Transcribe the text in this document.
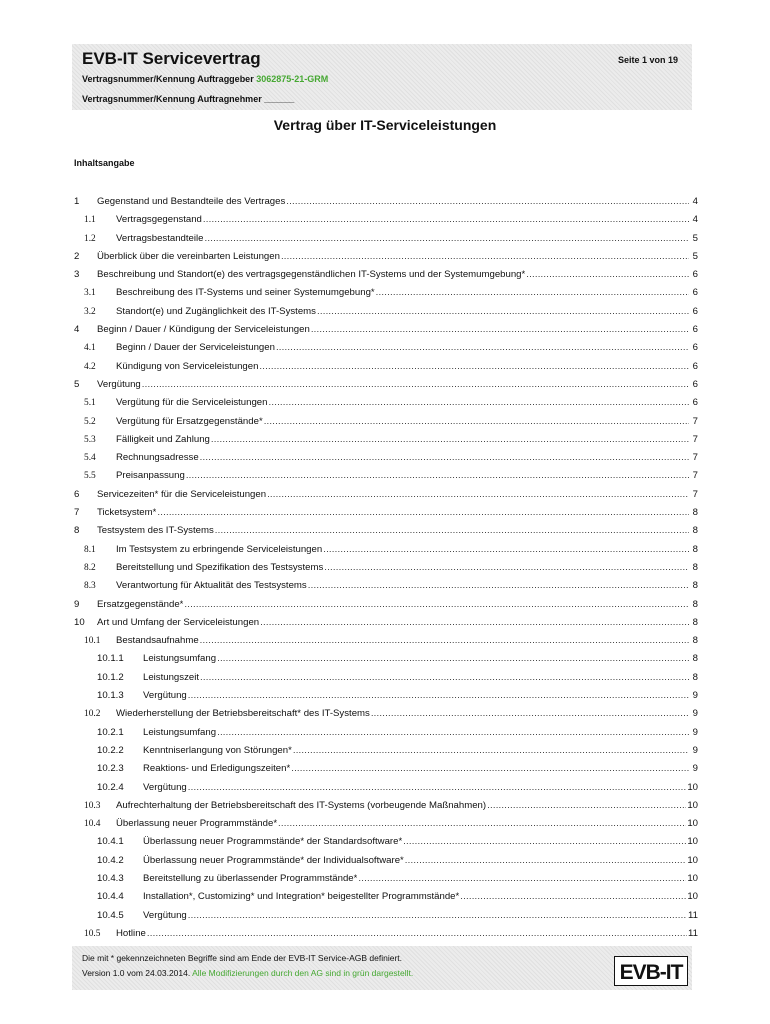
EVB-IT Servicevertrag	Seite 1 von 19
Vertragsnummer/Kennung Auftraggeber 3062875-21-GRM
Vertragsnummer/Kennung Auftragnehmer ______
Vertrag über IT-Serviceleistungen
Inhaltsangabe
1	Gegenstand und Bestandteile des Vertrages .....	4
1.1	Vertragsgegenstand .....	4
1.2	Vertragsbestandteile .....	5
2	Überblick über die vereinbarten Leistungen .....	5
3	Beschreibung und Standort(e) des vertragsgegenständlichen IT-Systems und der Systemumgebung* .....	6
3.1	Beschreibung des IT-Systems und seiner Systemumgebung* .....	6
3.2	Standort(e) und Zugänglichkeit des IT-Systems .....	6
4	Beginn / Dauer / Kündigung der Serviceleistungen .....	6
4.1	Beginn / Dauer der Serviceleistungen .....	6
4.2	Kündigung von Serviceleistungen .....	6
5	Vergütung .....	6
5.1	Vergütung für die Serviceleistungen .....	6
5.2	Vergütung für Ersatzgegenstände* .....	7
5.3	Fälligkeit und Zahlung .....	7
5.4	Rechnungsadresse .....	7
5.5	Preisanpassung .....	7
6	Servicezeiten* für die Serviceleistungen .....	7
7	Ticketsystem* .....	8
8	Testsystem des IT-Systems .....	8
8.1	Im Testsystem zu erbringende Serviceleistungen .....	8
8.2	Bereitstellung und Spezifikation des Testsystems .....	8
8.3	Verantwortung für Aktualität des Testsystems .....	8
9	Ersatzgegenstände* .....	8
10	Art und Umfang der Serviceleistungen .....	8
10.1	Bestandsaufnahme .....	8
10.1.1	Leistungsumfang .....	8
10.1.2	Leistungszeit .....	8
10.1.3	Vergütung .....	9
10.2	Wiederherstellung der Betriebsbereitschaft* des IT-Systems .....	9
10.2.1	Leistungsumfang .....	9
10.2.2	Kenntniserlangung von Störungen* .....	9
10.2.3	Reaktions- und Erledigungszeiten* .....	9
10.2.4	Vergütung .....	10
10.3	Aufrechterhaltung der Betriebsbereitschaft des IT-Systems (vorbeugende Maßnahmen) .....	10
10.4	Überlassung neuer Programmstände* .....	10
10.4.1	Überlassung neuer Programmstände* der Standardsoftware* .....	10
10.4.2	Überlassung neuer Programmstände* der Individualsoftware* .....	10
10.4.3	Bereitstellung zu überlassender Programmstände* .....	10
10.4.4	Installation*, Customizing* und Integration* beigestellter Programmstände* .....	10
10.4.5	Vergütung .....	11
10.5	Hotline .....	11
Die mit * gekennzeichneten Begriffe sind am Ende der EVB-IT Service-AGB definiert.
Version 1.0 vom 24.03.2014. Alle Modifizierungen durch den AG sind in grün dargestellt.	EVB-IT
